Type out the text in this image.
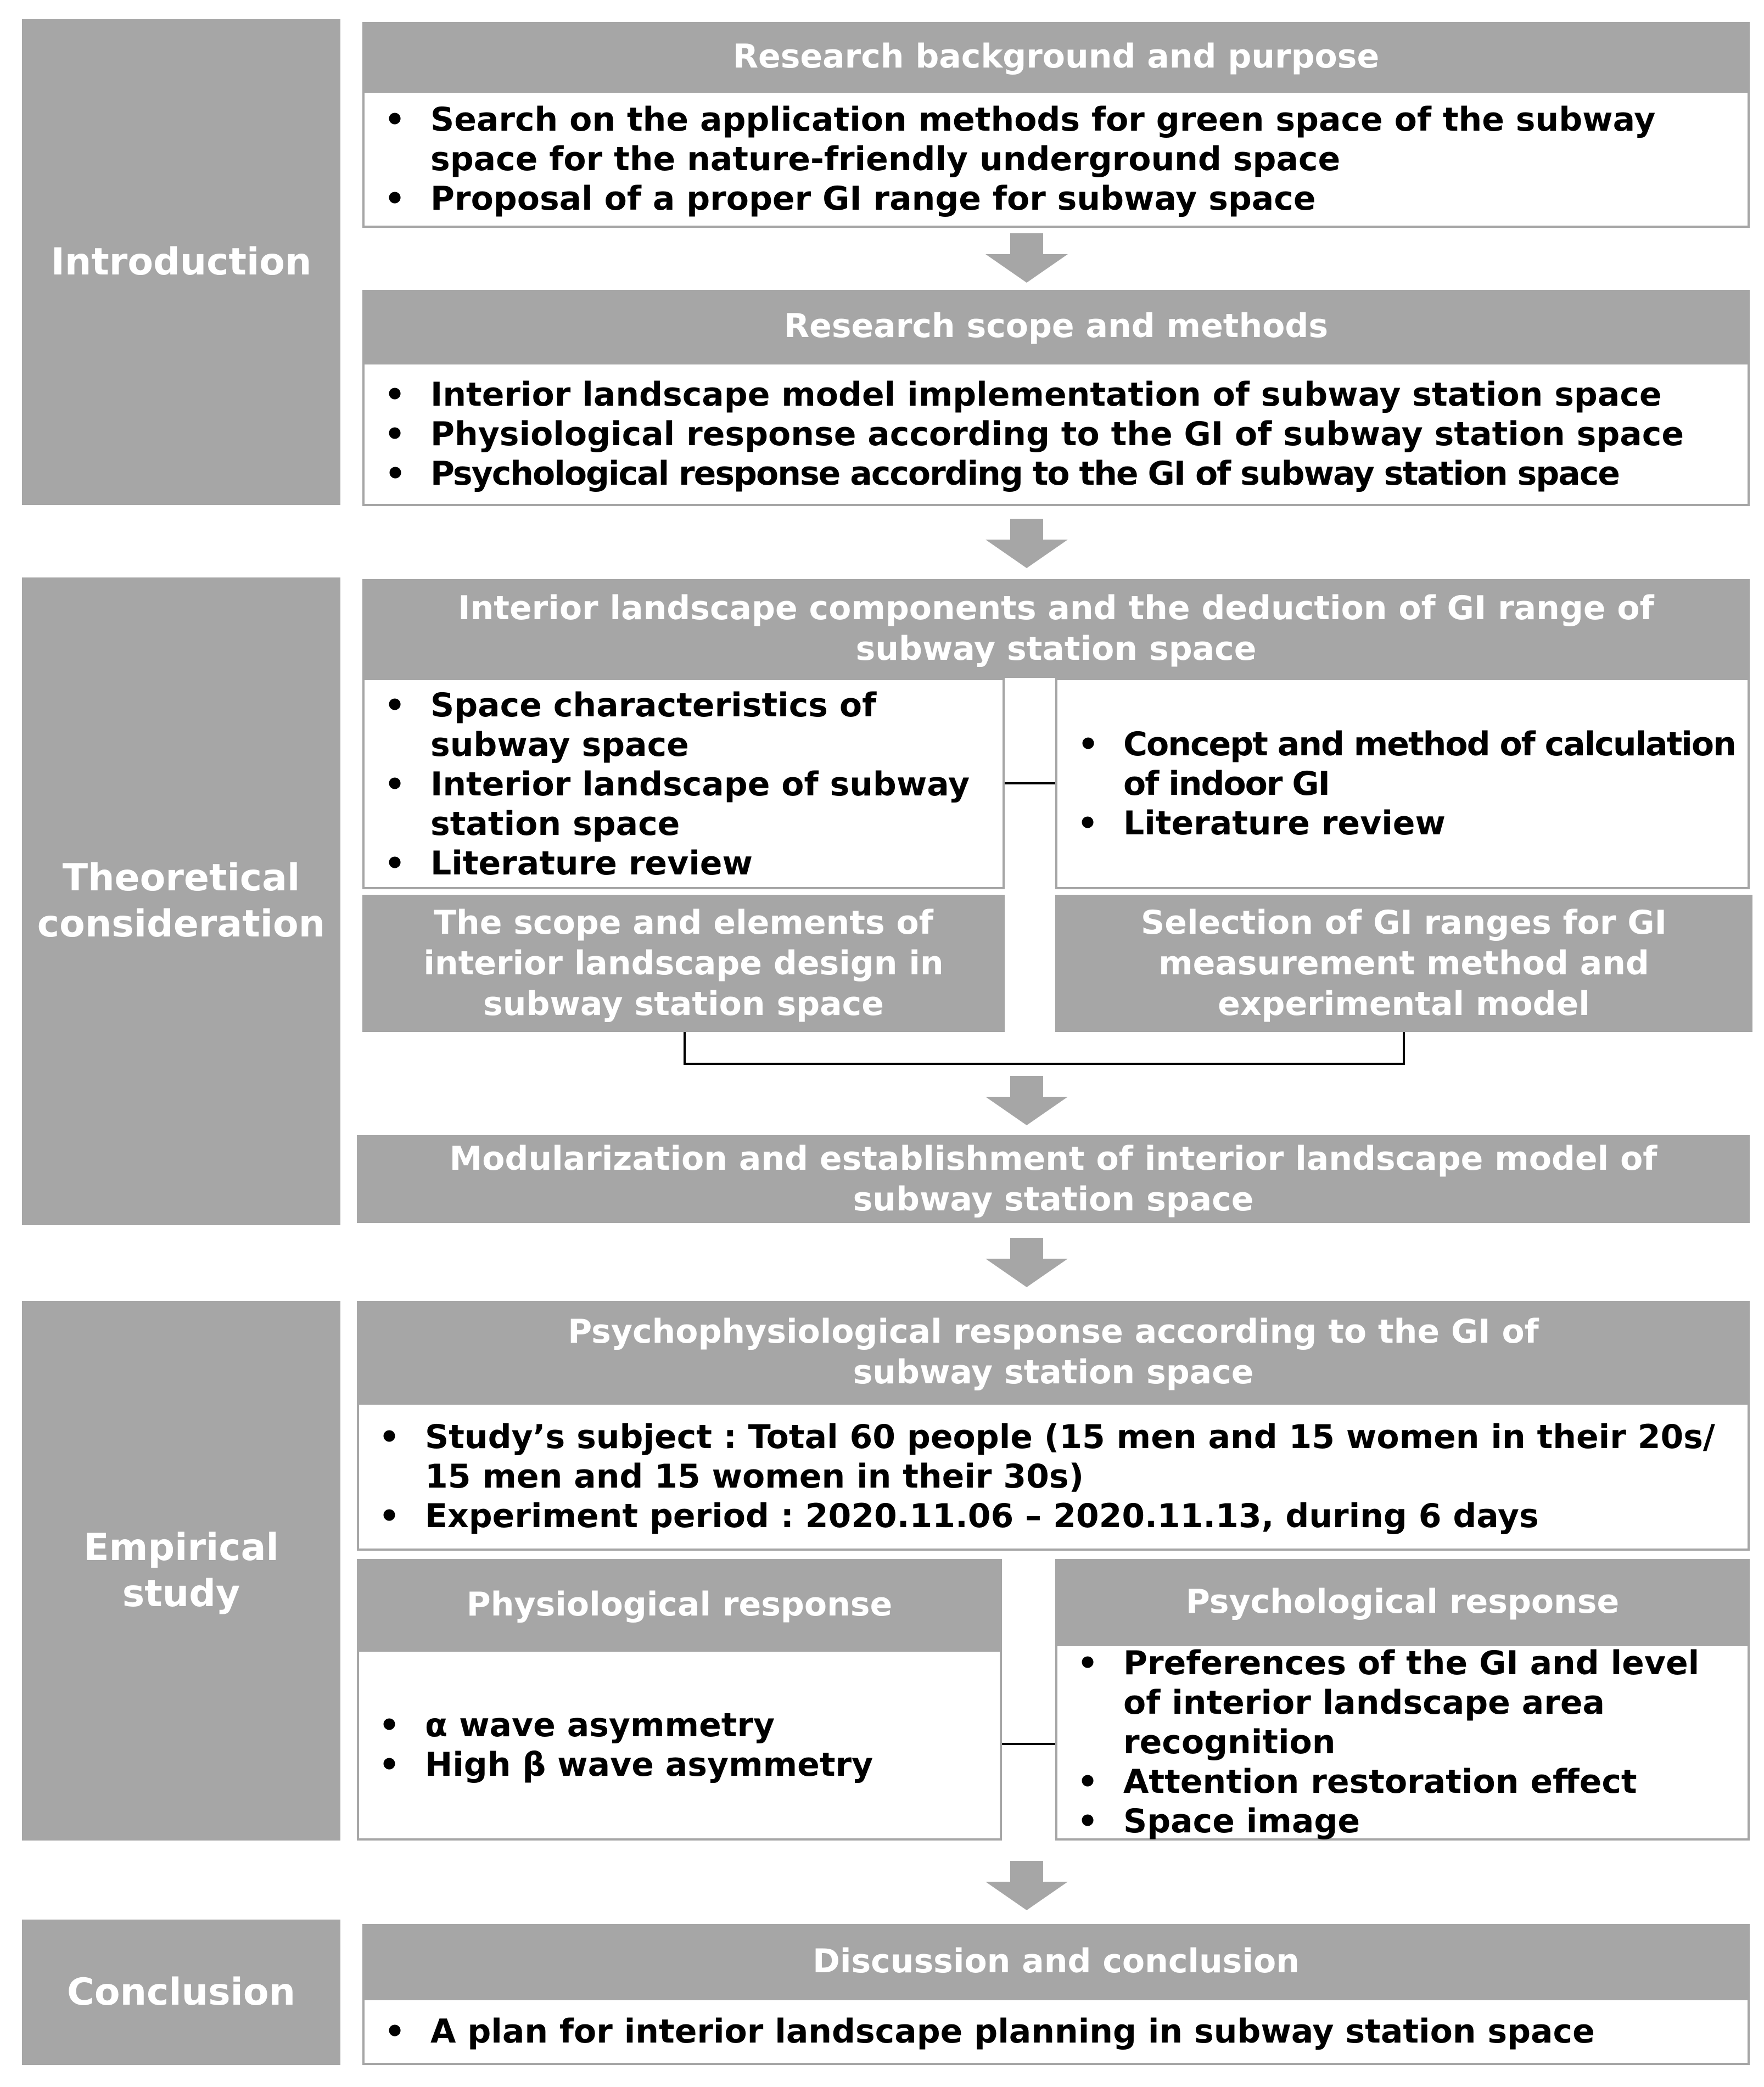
Introduction
Theoretical
consideration
Empirical
study
Conclusion
Research background and purpose
• Search on the application methods for green space of the subway space for the nature-friendly underground space
• Proposal of a proper GI range for subway space
Research scope and methods
• Interior landscape model implementation of subway station space
• Physiological response according to the GI of subway station space
• Psychological response according to the GI of subway station space
Interior landscape components and the deduction of GI range of subway station space
• Space characteristics of subway space
• Interior landscape of subway station space
• Literature review
• Concept and method of calculation of indoor GI
• Literature review
The scope and elements of interior landscape design in subway station space
Selection of GI ranges for GI measurement method and experimental model
Modularization and establishment of interior landscape model of subway station space
Psychophysiological response according to the GI of subway station space
• Study’s subject : Total 60 people (15 men and 15 women in their 20s/ 15 men and 15 women in their 30s)
• Experiment period : 2020.11.06 – 2020.11.13, during 6 days
Physiological response
• α wave asymmetry
• High β wave asymmetry
Psychological response
• Preferences of the GI and level of interior landscape area recognition
• Attention restoration effect
• Space image
Discussion and conclusion
• A plan for interior landscape planning in subway station space
